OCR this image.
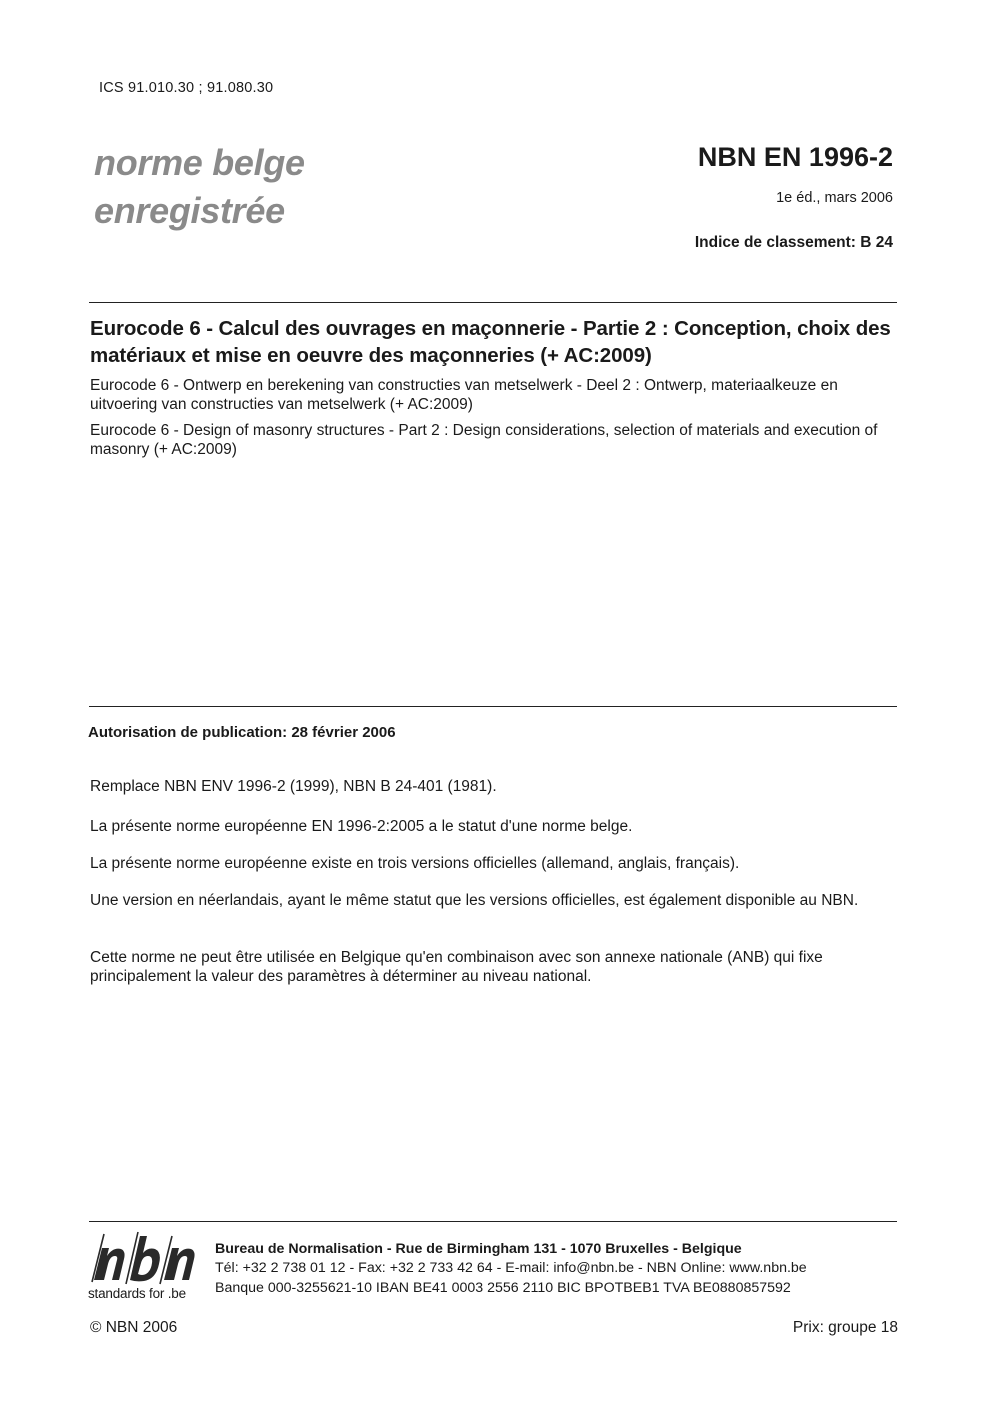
ICS 91.010.30 ; 91.080.30
norme belge
enregistrée
NBN EN 1996-2
1e éd., mars 2006
Indice de classement: B 24
Eurocode 6 - Calcul des ouvrages en maçonnerie - Partie 2 : Conception, choix des matériaux et mise en oeuvre des maçonneries (+ AC:2009)
Eurocode 6 - Ontwerp en berekening van constructies van metselwerk - Deel 2 : Ontwerp, materiaalkeuze en uitvoering van constructies van metselwerk (+ AC:2009)
Eurocode 6 - Design of masonry structures - Part 2 : Design considerations, selection of materials and execution of masonry (+ AC:2009)
Autorisation de publication: 28 février 2006
Remplace NBN ENV 1996-2 (1999), NBN B 24-401 (1981).
La présente norme européenne EN 1996-2:2005 a le statut d'une norme belge.
La présente norme européenne existe en trois versions officielles (allemand, anglais, français).
Une version en néerlandais, ayant le même statut que les versions officielles, est également disponible au NBN.
Cette norme ne peut être utilisée en Belgique qu'en combinaison avec son annexe nationale (ANB) qui fixe principalement la valeur des paramètres à déterminer au niveau national.
standards for .be
Bureau de Normalisation - Rue de Birmingham 131 - 1070 Bruxelles - Belgique
Tél: +32 2 738 01 12 - Fax: +32 2 733 42 64 - E-mail: info@nbn.be - NBN Online: www.nbn.be
Banque 000-3255621-10 IBAN BE41 0003 2556 2110 BIC BPOTBEB1 TVA BE0880857592
© NBN 2006	Prix: groupe 18
